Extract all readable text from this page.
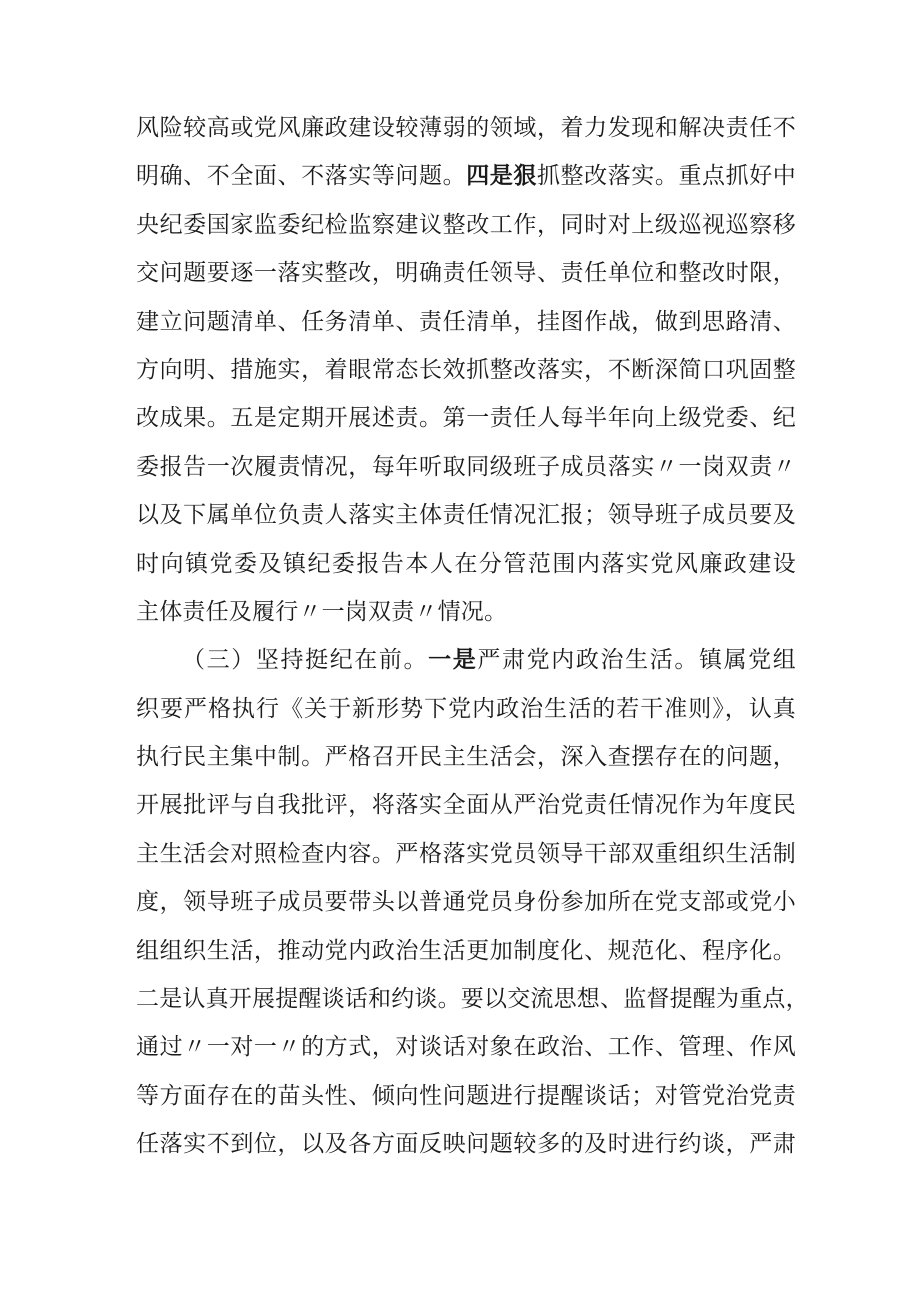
风险较高或党风廉政建设较薄弱的领域，着力发现和解决责任不
明确、不全面、不落实等问题。四是狠抓整改落实。重点抓好中
央纪委国家监委纪检监察建议整改工作，同时对上级巡视巡察移
交问题要逐一落实整改，明确责任领导、责任单位和整改时限，
建立问题清单、任务清单、责任清单，挂图作战，做到思路清、
方向明、措施实，着眼常态长效抓整改落实，不断深简口巩固整
改成果。五是定期开展述责。第一责任人每半年向上级党委、纪
委报告一次履责情况，每年听取同级班子成员落实〃一岗双责〃
以及下属单位负责人落实主体责任情况汇报；领导班子成员要及
时向镇党委及镇纪委报告本人在分管范围内落实党风廉政建设
主体责任及履行〃一岗双责〃情况。
（三）坚持挺纪在前。一是严肃党内政治生活。镇属党组
织要严格执行《关于新形势下党内政治生活的若干准则》，认真
执行民主集中制。严格召开民主生活会，深入查摆存在的问题，
开展批评与自我批评，将落实全面从严治党责任情况作为年度民
主生活会对照检查内容。严格落实党员领导干部双重组织生活制
度，领导班子成员要带头以普通党员身份参加所在党支部或党小
组组织生活，推动党内政治生活更加制度化、规范化、程序化。
二是认真开展提醒谈话和约谈。要以交流思想、监督提醒为重点，
通过〃一对一〃的方式，对谈话对象在政治、工作、管理、作风
等方面存在的苗头性、倾向性问题进行提醒谈话；对管党治党责
任落实不到位，以及各方面反映问题较多的及时进行约谈，严肃
